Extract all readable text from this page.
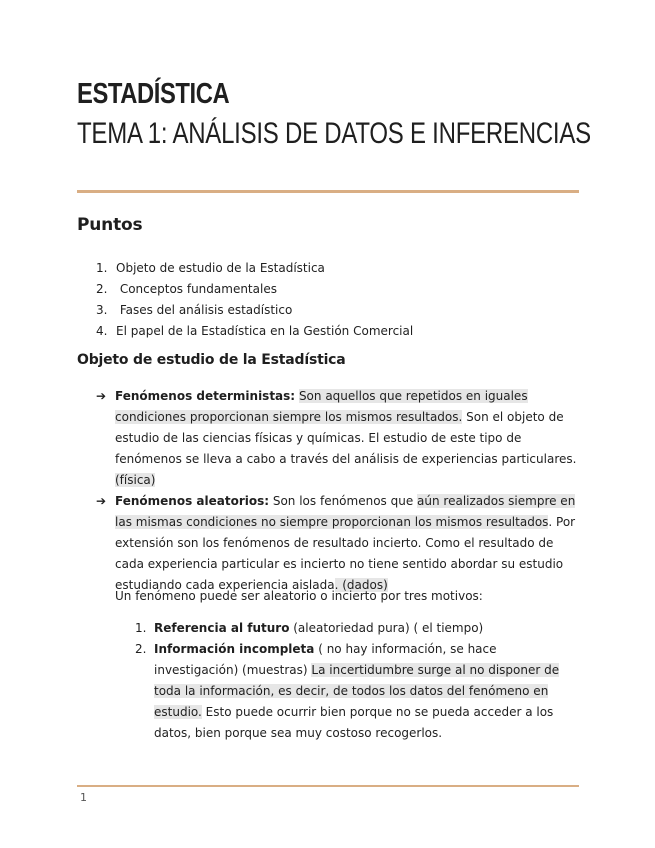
ESTADÍSTICA
TEMA 1: ANÁLISIS DE DATOS E INFERENCIAS
Puntos
1. Objeto de estudio de la Estadística
2. Conceptos fundamentales
3. Fases del análisis estadístico
4. El papel de la Estadística en la Gestión Comercial
Objeto de estudio de la Estadística
➔ Fenómenos deterministas: Son aquellos que repetidos en iguales condiciones proporcionan siempre los mismos resultados. Son el objeto de estudio de las ciencias físicas y químicas. El estudio de este tipo de fenómenos se lleva a cabo a través del análisis de experiencias particulares. (física)
➔ Fenómenos aleatorios: Son los fenómenos que aún realizados siempre en las mismas condiciones no siempre proporcionan los mismos resultados. Por extensión son los fenómenos de resultado incierto. Como el resultado de cada experiencia particular es incierto no tiene sentido abordar su estudio estudiando cada experiencia aislada. (dados)
Un fenómeno puede ser aleatorio o incierto por tres motivos:
1. Referencia al futuro (aleatoriedad pura) ( el tiempo)
2. Información incompleta ( no hay información, se hace investigación) (muestras) La incertidumbre surge al no disponer de toda la información, es decir, de todos los datos del fenómeno en estudio. Esto puede ocurrir bien porque no se pueda acceder a los datos, bien porque sea muy costoso recogerlos.
1
